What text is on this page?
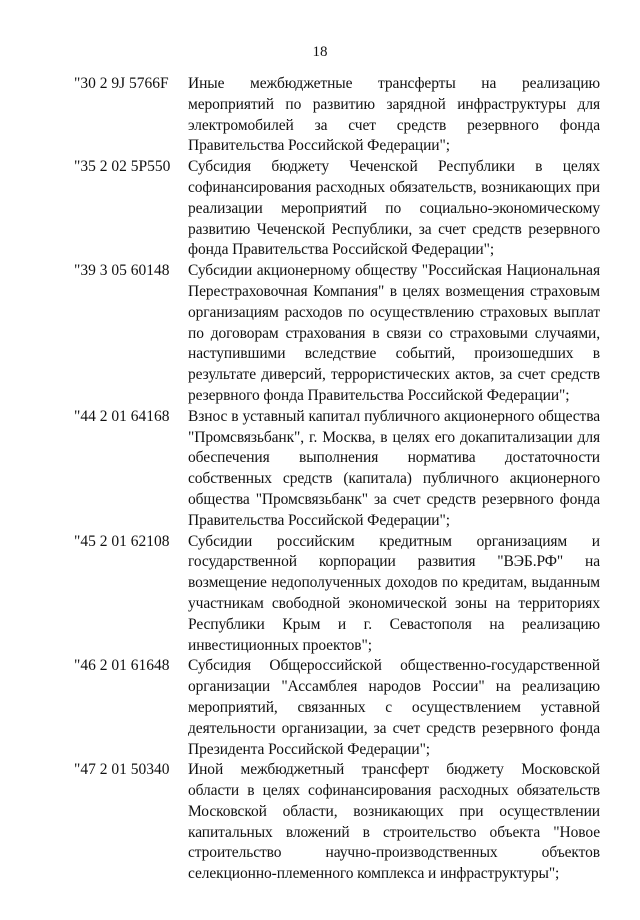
18
"30 2 9J 5766F	Иные межбюджетные трансферты на реализацию мероприятий по развитию зарядной инфраструктуры для электромобилей за счет средств резервного фонда Правительства Российской Федерации";
"35 2 02 5P550	Субсидия бюджету Чеченской Республики в целях софинансирования расходных обязательств, возникающих при реализации мероприятий по социально-экономическому развитию Чеченской Республики, за счет средств резервного фонда Правительства Российской Федерации";
"39 3 05 60148	Субсидии акционерному обществу "Российская Национальная Перестраховочная Компания" в целях возмещения страховым организациям расходов по осуществлению страховых выплат по договорам страхования в связи со страховыми случаями, наступившими вследствие событий, произошедших в результате диверсий, террористических актов, за счет средств резервного фонда Правительства Российской Федерации";
"44 2 01 64168	Взнос в уставный капитал публичного акционерного общества "Промсвязьбанк", г. Москва, в целях его докапитализации для обеспечения выполнения норматива достаточности собственных средств (капитала) публичного акционерного общества "Промсвязьбанк" за счет средств резервного фонда Правительства Российской Федерации";
"45 2 01 62108	Субсидии российским кредитным организациям и государственной корпорации развития "ВЭБ.РФ" на возмещение недополученных доходов по кредитам, выданным участникам свободной экономической зоны на территориях Республики Крым и г. Севастополя на реализацию инвестиционных проектов";
"46 2 01 61648	Субсидия Общероссийской общественно-государственной организации "Ассамблея народов России" на реализацию мероприятий, связанных с осуществлением уставной деятельности организации, за счет средств резервного фонда Президента Российской Федерации";
"47 2 01 50340	Иной межбюджетный трансферт бюджету Московской области в целях софинансирования расходных обязательств Московской области, возникающих при осуществлении капитальных вложений в строительство объекта "Новое строительство научно-производственных объектов селекционно-племенного комплекса и инфраструктуры";
